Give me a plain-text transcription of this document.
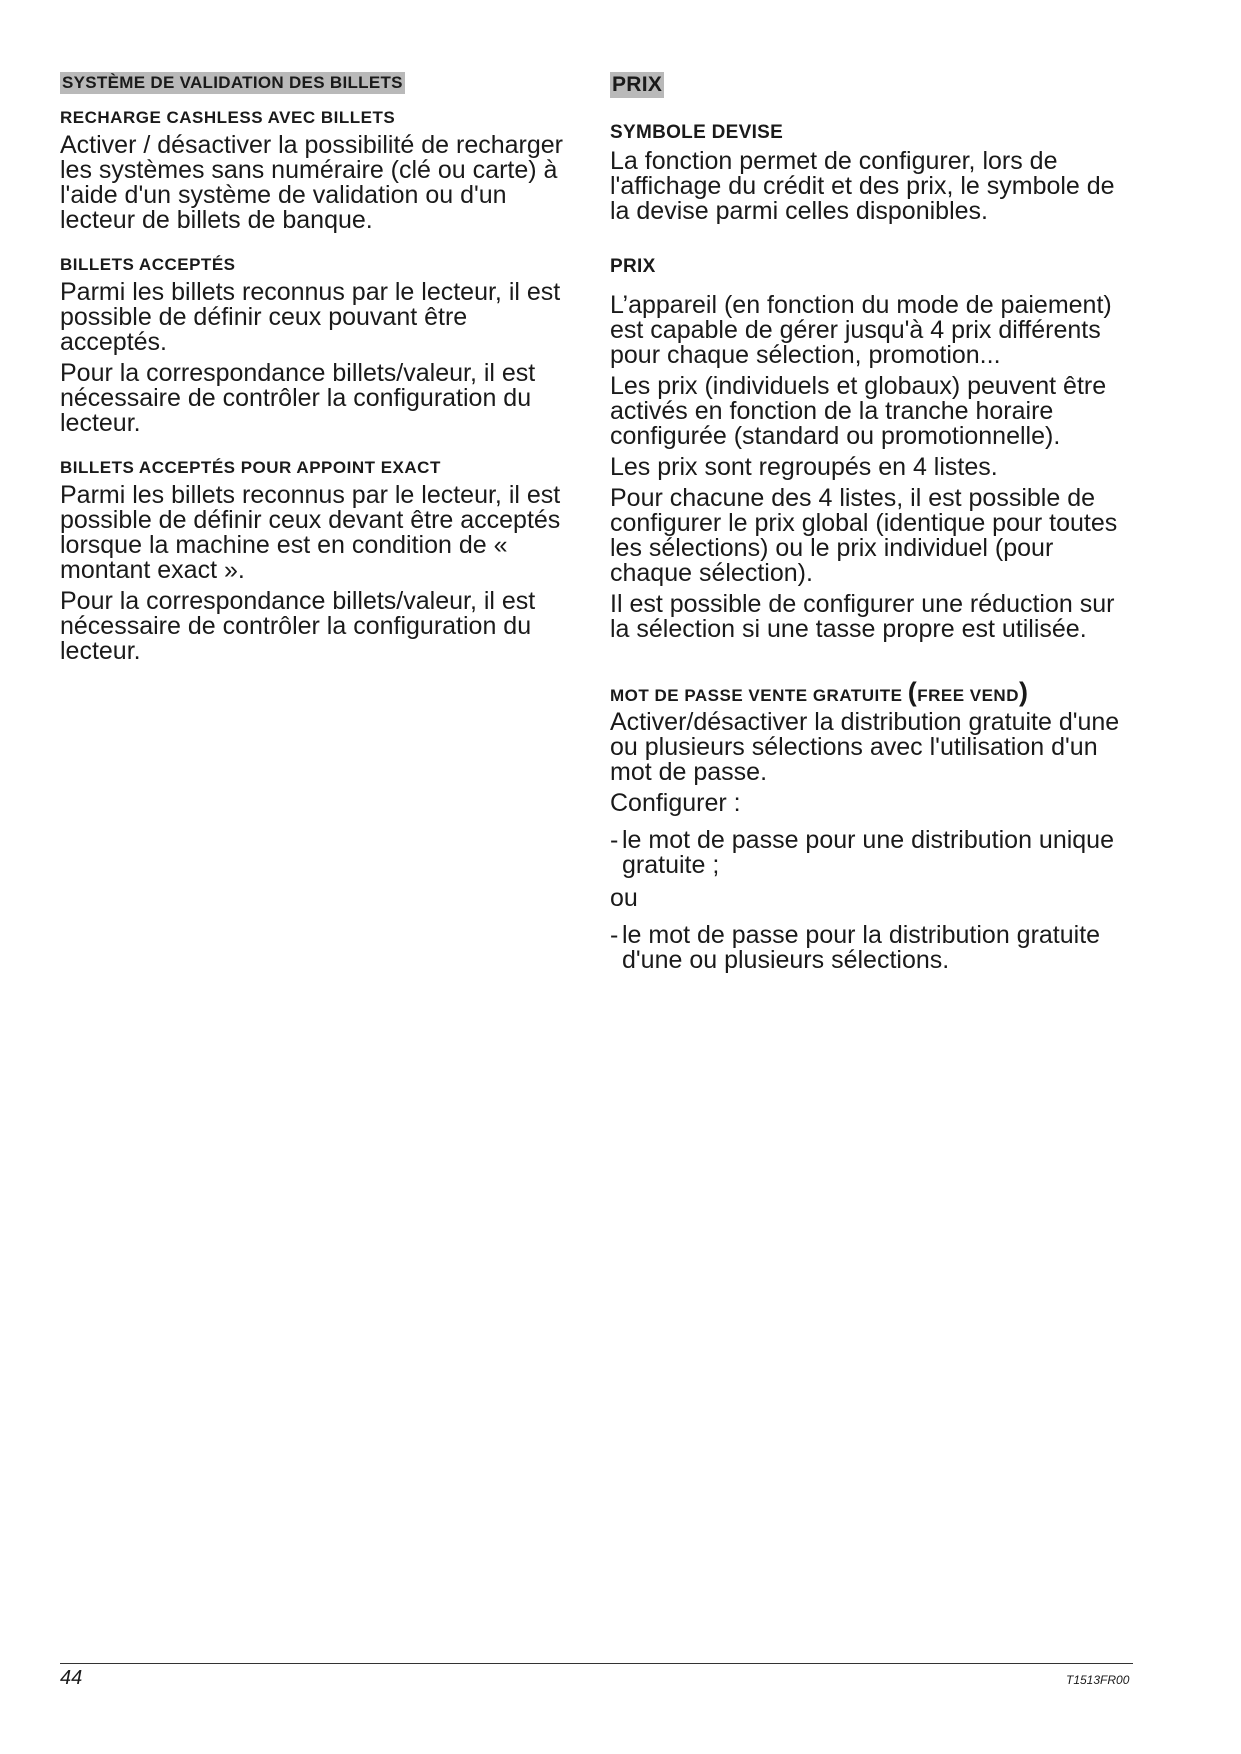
SYSTÈME DE VALIDATION DES BILLETS
RECHARGE CASHLESS AVEC BILLETS

Activer / désactiver la possibilité de recharger les systèmes sans numéraire (clé ou carte) à l'aide d'un système de validation ou d'un lecteur de billets de banque.

BILLETS ACCEPTÉS

Parmi les billets reconnus par le lecteur, il est possible de définir ceux pouvant être acceptés.

Pour la correspondance billets/valeur, il est nécessaire de contrôler la configuration du lecteur.

BILLETS ACCEPTÉS POUR APPOINT EXACT

Parmi les billets reconnus par le lecteur, il est possible de définir ceux devant être acceptés lorsque la machine est en condition de « montant exact ».

Pour la correspondance billets/valeur, il est nécessaire de contrôler la configuration du lecteur.

PRIX
SYMBOLE DEVISE

La fonction permet de configurer, lors de l'affichage du crédit et des prix, le symbole de la devise parmi celles disponibles.

PRIX

L’appareil (en fonction du mode de paiement) est capable de gérer jusqu'à 4 prix différents pour chaque sélection, promotion...

Les prix (individuels et globaux) peuvent être activés en fonction de la tranche horaire configurée (standard ou promotionnelle).

Les prix sont regroupés en 4 listes.

Pour chacune des 4 listes, il est possible de configurer le prix global (identique pour toutes les sélections) ou le prix individuel (pour chaque sélection).

Il est possible de configurer une réduction sur la sélection si une tasse propre est utilisée.

MOT DE PASSE VENTE GRATUITE (FREE VEND)

Activer/désactiver la distribution gratuite d'une ou plusieurs sélections avec l'utilisation d'un mot de passe.

Configurer :

- le mot de passe pour une distribution unique gratuite ;

ou

- le mot de passe pour la distribution gratuite d'une ou plusieurs sélections.
44	T1513FR00
